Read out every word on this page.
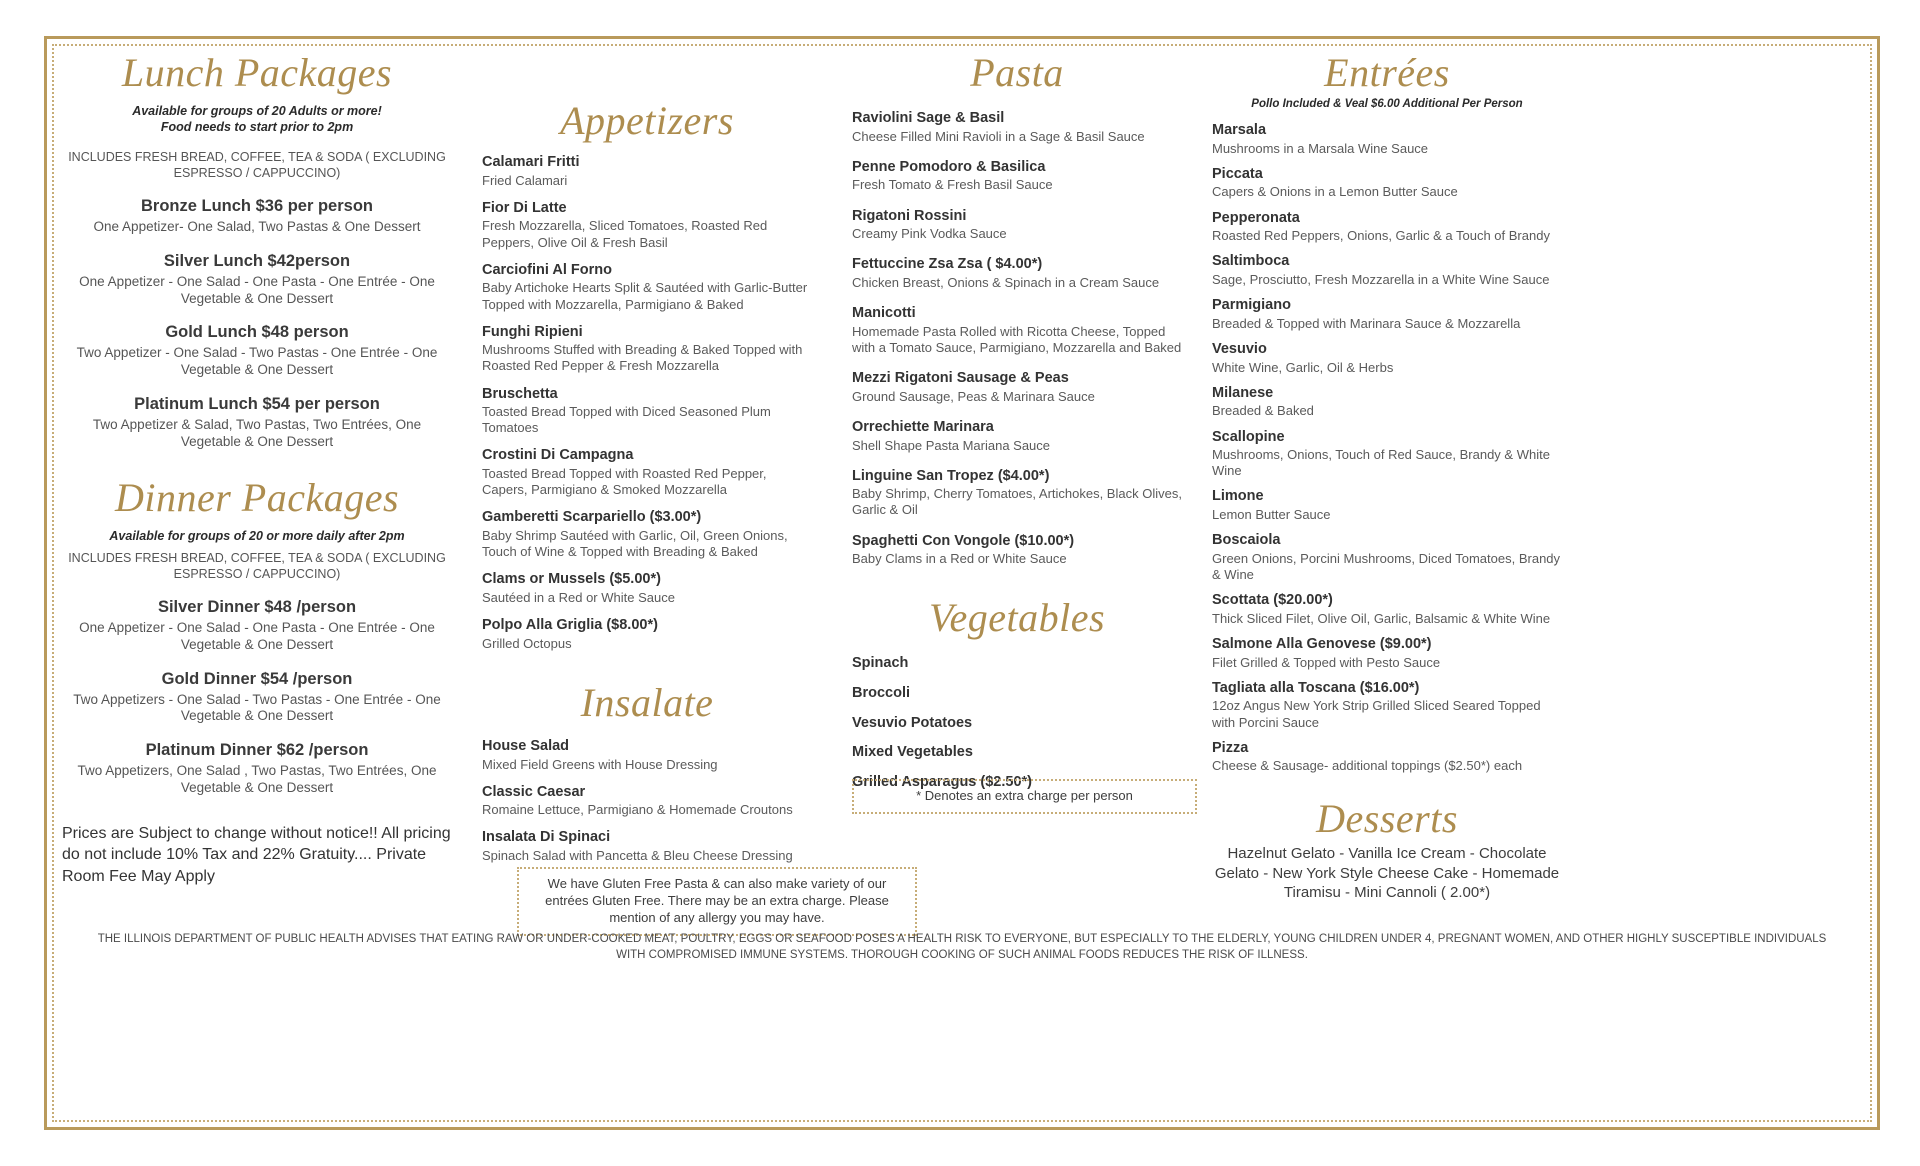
Lunch Packages
Available for groups of 20 Adults or more!
Food needs to start prior to 2pm
INCLUDES FRESH BREAD, COFFEE, TEA & SODA ( EXCLUDING ESPRESSO / CAPPUCCINO)
Bronze Lunch $36 per person
One Appetizer- One Salad, Two Pastas & One Dessert
Silver Lunch $42person
One Appetizer - One Salad - One Pasta - One Entrée - One Vegetable & One Dessert
Gold Lunch $48 person
Two Appetizer - One Salad - Two Pastas - One Entrée - One Vegetable & One Dessert
Platinum Lunch $54 per person
Two Appetizer & Salad, Two Pastas, Two Entrées, One Vegetable & One Dessert
Dinner Packages
Available for groups of 20 or more daily after 2pm
INCLUDES FRESH BREAD, COFFEE, TEA & SODA ( EXCLUDING ESPRESSO / CAPPUCCINO)
Silver Dinner $48 /person
One Appetizer - One Salad - One Pasta - One Entrée - One Vegetable & One Dessert
Gold Dinner $54 /person
Two Appetizers - One Salad - Two Pastas - One Entrée - One Vegetable & One Dessert
Platinum Dinner $62 /person
Two Appetizers, One Salad , Two Pastas, Two Entrées, One Vegetable & One Dessert
Prices are Subject to change without notice!! All pricing do not include 10% Tax and 22% Gratuity.... Private Room Fee May Apply
Appetizers
Calamari Fritti
Fried Calamari
Fior Di Latte
Fresh Mozzarella, Sliced Tomatoes, Roasted Red Peppers, Olive Oil & Fresh Basil
Carciofini Al Forno
Baby Artichoke Hearts Split & Sautéed with Garlic-Butter Topped with Mozzarella, Parmigiano & Baked
Funghi Ripieni
Mushrooms Stuffed with Breading & Baked Topped with Roasted Red Pepper & Fresh Mozzarella
Bruschetta
Toasted Bread Topped with Diced Seasoned Plum Tomatoes
Crostini Di Campagna
Toasted Bread Topped with Roasted Red Pepper, Capers, Parmigiano & Smoked Mozzarella
Gamberetti Scarpariello ($3.00*)
Baby Shrimp Sautéed with Garlic, Oil, Green Onions, Touch of Wine & Topped with Breading & Baked
Clams or Mussels ($5.00*)
Sautéed in a Red or White Sauce
Polpo Alla Griglia ($8.00*)
Grilled Octopus
Insalate
House Salad
Mixed Field Greens with House Dressing
Classic Caesar
Romaine Lettuce, Parmigiano & Homemade Croutons
Insalata Di Spinaci
Spinach Salad with Pancetta & Bleu Cheese Dressing
Pasta
Raviolini Sage & Basil
Cheese Filled Mini Ravioli in a Sage & Basil Sauce
Penne Pomodoro & Basilica
Fresh Tomato & Fresh Basil Sauce
Rigatoni Rossini
Creamy Pink Vodka Sauce
Fettuccine Zsa Zsa ( $4.00*)
Chicken Breast, Onions & Spinach in a Cream Sauce
Manicotti
Homemade Pasta Rolled with Ricotta Cheese, Topped with a Tomato Sauce, Parmigiano, Mozzarella and Baked
Mezzi Rigatoni Sausage & Peas
Ground Sausage, Peas & Marinara Sauce
Orrechiette Marinara
Shell Shape Pasta Mariana Sauce
Linguine San Tropez ($4.00*)
Baby Shrimp, Cherry Tomatoes, Artichokes, Black Olives, Garlic & Oil
Spaghetti Con Vongole ($10.00*)
Baby Clams in a Red or White Sauce
Vegetables
Spinach
Broccoli
Vesuvio Potatoes
Mixed Vegetables
Grilled Asparagus ($2.50*)
Entrées
Pollo Included & Veal $6.00 Additional Per Person
Marsala
Mushrooms in a Marsala Wine Sauce
Piccata
Capers & Onions in a Lemon Butter Sauce
Pepperonata
Roasted Red Peppers, Onions, Garlic & a Touch of Brandy
Saltimboca
Sage, Prosciutto, Fresh Mozzarella in a White Wine Sauce
Parmigiano
Breaded & Topped with Marinara Sauce & Mozzarella
Vesuvio
White Wine, Garlic, Oil & Herbs
Milanese
Breaded & Baked
Scallopine
Mushrooms, Onions, Touch of Red Sauce, Brandy & White Wine
Limone
Lemon Butter Sauce
Boscaiola
Green Onions, Porcini Mushrooms, Diced Tomatoes, Brandy & Wine
Scottata ($20.00*)
Thick Sliced Filet, Olive Oil, Garlic, Balsamic & White Wine
Salmone Alla Genovese ($9.00*)
Filet Grilled & Topped with Pesto Sauce
Tagliata alla Toscana ($16.00*)
12oz Angus New York Strip Grilled Sliced Seared Topped with Porcini Sauce
Pizza
Cheese & Sausage- additional toppings ($2.50*) each
Desserts
Hazelnut Gelato - Vanilla Ice Cream - Chocolate Gelato - New York Style Cheese Cake - Homemade Tiramisu - Mini Cannoli ( 2.00*)
* Denotes an extra charge per person
We have Gluten Free Pasta & can also make variety of our entrées Gluten Free. There may be an extra charge. Please mention of any allergy you may have.
THE ILLINOIS DEPARTMENT OF PUBLIC HEALTH ADVISES THAT EATING RAW OR UNDER-COOKED MEAT, POULTRY, EGGS OR SEAFOOD POSES A HEALTH RISK TO EVERYONE, BUT ESPECIALLY TO THE ELDERLY, YOUNG CHILDREN UNDER 4, PREGNANT WOMEN, AND OTHER HIGHLY SUSCEPTIBLE INDIVIDUALS WITH COMPROMISED IMMUNE SYSTEMS. THOROUGH COOKING OF SUCH ANIMAL FOODS REDUCES THE RISK OF ILLNESS.
